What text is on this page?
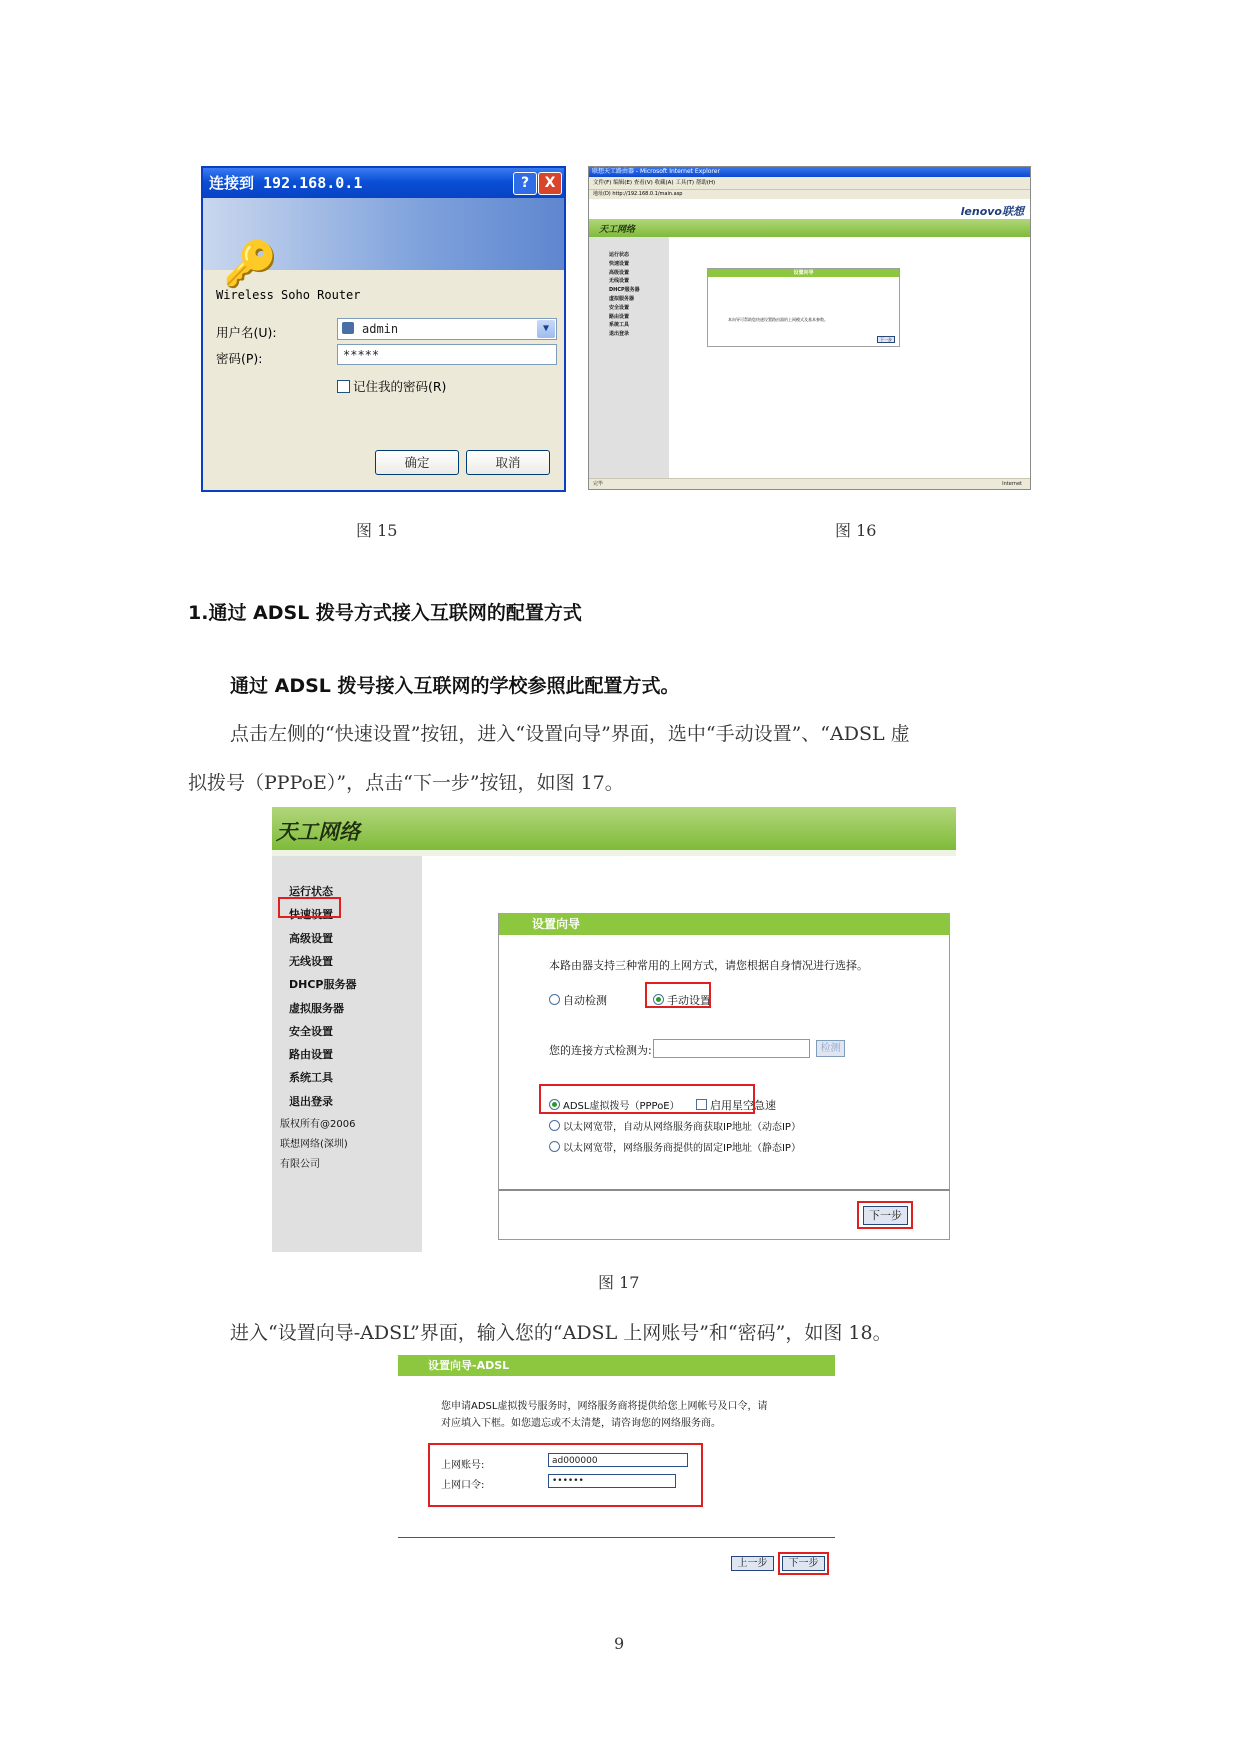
连接到 192.168.0.1	?	X
🔑
Wireless Soho Router
用户名(U):	admin	▼
密码(P):	*****
记住我的密码(R)
确定	取消
图 15
联想天工路由器 - Microsoft Internet Explorer
文件(F) 编辑(E) 查看(V) 收藏(A) 工具(T) 帮助(H)
地址(D) http://192.168.0.1/main.asp
lenovo联想
天工网络
运行状态
快速设置
高级设置
无线设置
DHCP服务器
虚拟服务器
安全设置
路由设置
系统工具
退出登录
设置向导
本向导可帮助您快速设置路由器的上网模式及基本参数。
下一步
完毕	Internet
图 16
1.通过 ADSL 拨号方式接入互联网的配置方式
通过 ADSL 拨号接入互联网的学校参照此配置方式。
点击左侧的“快速设置”按钮，进入“设置向导”界面，选中“手动设置”、“ADSL 虚
拟拨号（PPPoE）”，点击“下一步”按钮，如图 17。
天工网络
运行状态
快速设置
高级设置
无线设置
DHCP服务器
虚拟服务器
安全设置
路由设置
系统工具
退出登录
版权所有@2006
联想网络(深圳)
有限公司
设置向导
本路由器支持三种常用的上网方式，请您根据自身情况进行选择。
自动检测	手动设置
您的连接方式检测为:	检测
ADSL虚拟拨号（PPPoE）	启用星空急速
以太网宽带，自动从网络服务商获取IP地址（动态IP）
以太网宽带，网络服务商提供的固定IP地址（静态IP）
下一步
图 17
进入“设置向导-ADSL”界面，输入您的“ADSL 上网账号”和“密码”，如图 18。
设置向导-ADSL
您申请ADSL虚拟拨号服务时，网络服务商将提供给您上网帐号及口令，请
对应填入下框。如您遗忘或不太清楚，请咨询您的网络服务商。
上网账号:	ad000000
上网口令:	••••••
上一步	下一步
9
